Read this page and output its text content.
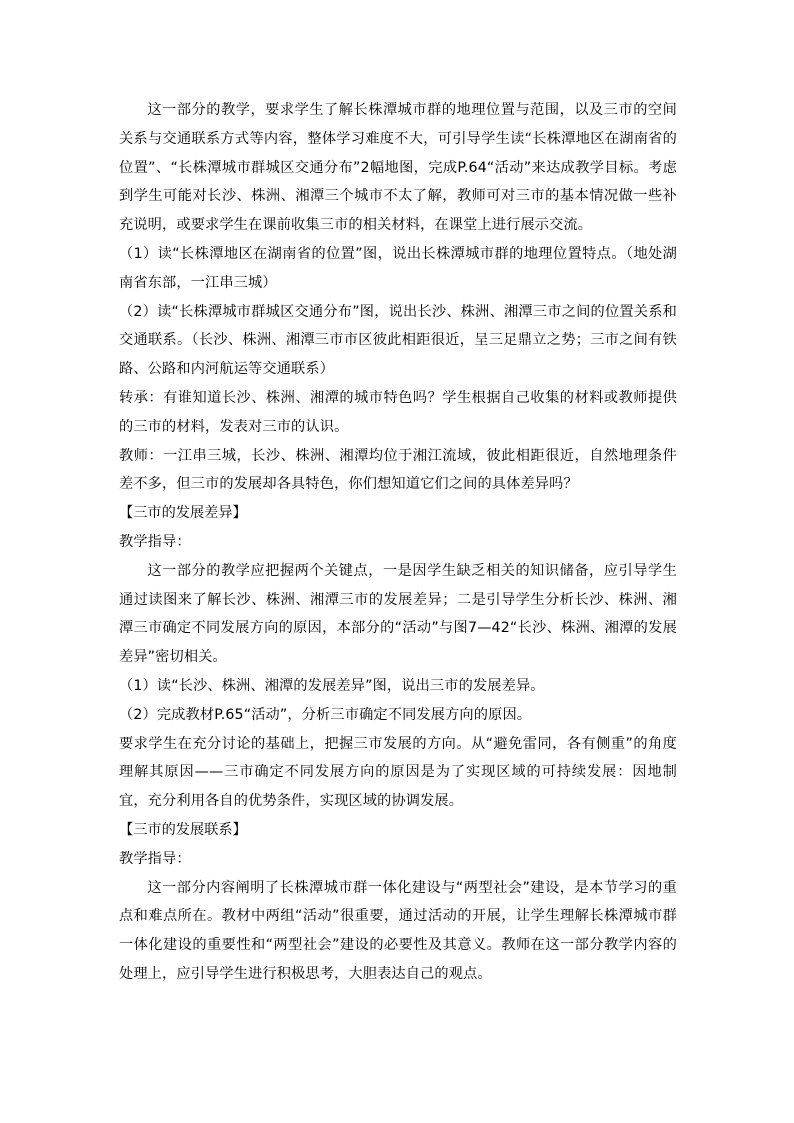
这一部分的教学，要求学生了解长株潭城市群的地理位置与范围，以及三市的空间关系与交通联系方式等内容，整体学习难度不大，可引导学生读“长株潭地区在湖南省的位置”、“长株潭城市群城区交通分布”2幅地图，完成P.64“活动”来达成教学目标。考虑到学生可能对长沙、株洲、湘潭三个城市不太了解，教师可对三市的基本情况做一些补充说明，或要求学生在课前收集三市的相关材料，在课堂上进行展示交流。

（1）读“长株潭地区在湖南省的位置”图，说出长株潭城市群的地理位置特点。（地处湖南省东部，一江串三城）

（2）读“长株潭城市群城区交通分布”图，说出长沙、株洲、湘潭三市之间的位置关系和交通联系。（长沙、株洲、湘潭三市市区彼此相距很近，呈三足鼎立之势；三市之间有铁路、公路和内河航运等交通联系）

转承：有谁知道长沙、株洲、湘潭的城市特色吗？学生根据自己收集的材料或教师提供的三市的材料，发表对三市的认识。

教师：一江串三城，长沙、株洲、湘潭均位于湘江流域，彼此相距很近，自然地理条件差不多，但三市的发展却各具特色，你们想知道它们之间的具体差异吗？

【三市的发展差异】

教学指导：

这一部分的教学应把握两个关键点，一是因学生缺乏相关的知识储备，应引导学生通过读图来了解长沙、株洲、湘潭三市的发展差异；二是引导学生分析长沙、株洲、湘潭三市确定不同发展方向的原因，本部分的“活动”与图7—42“长沙、株洲、湘潭的发展差异”密切相关。

（1）读“长沙、株洲、湘潭的发展差异”图，说出三市的发展差异。

（2）完成教材P.65“活动”，分析三市确定不同发展方向的原因。

要求学生在充分讨论的基础上，把握三市发展的方向。从“避免雷同，各有侧重”的角度理解其原因——三市确定不同发展方向的原因是为了实现区域的可持续发展：因地制宜，充分利用各自的优势条件，实现区域的协调发展。

【三市的发展联系】

教学指导：

这一部分内容阐明了长株潭城市群一体化建设与“两型社会”建设，是本节学习的重点和难点所在。教材中两组“活动”很重要，通过活动的开展，让学生理解长株潭城市群一体化建设的重要性和“两型社会”建设的必要性及其意义。教师在这一部分教学内容的处理上，应引导学生进行积极思考，大胆表达自己的观点。
